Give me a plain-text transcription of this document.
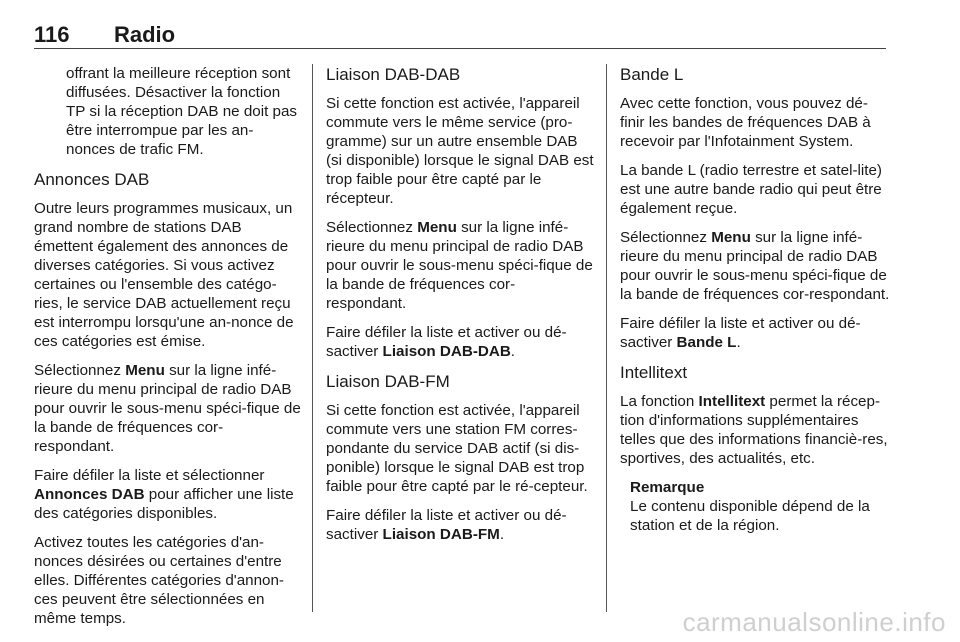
116 Radio

offrant la meilleure réception sont diffusées. Désactiver la fonction TP si la réception DAB ne doit pas être interrompue par les an-nonces de trafic FM.

Annonces DAB

Outre leurs programmes musicaux, un grand nombre de stations DAB émettent également des annonces de diverses catégories. Si vous activez certaines ou l'ensemble des catégo-ries, le service DAB actuellement reçu est interrompu lorsqu'une an-nonce de ces catégories est émise.

Sélectionnez Menu sur la ligne infé-rieure du menu principal de radio DAB pour ouvrir le sous-menu spéci-fique de la bande de fréquences cor-respondant.

Faire défiler la liste et sélectionner Annonces DAB pour afficher une liste des catégories disponibles.

Activez toutes les catégories d'an-nonces désirées ou certaines d'entre elles. Différentes catégories d'annon-ces peuvent être sélectionnées en même temps.

Liaison DAB-DAB

Si cette fonction est activée, l'appareil commute vers le même service (pro-gramme) sur un autre ensemble DAB (si disponible) lorsque le signal DAB est trop faible pour être capté par le récepteur.

Sélectionnez Menu sur la ligne infé-rieure du menu principal de radio DAB pour ouvrir le sous-menu spéci-fique de la bande de fréquences cor-respondant.

Faire défiler la liste et activer ou dé-sactiver Liaison DAB-DAB.

Liaison DAB-FM

Si cette fonction est activée, l'appareil commute vers une station FM corres-pondante du service DAB actif (si dis-ponible) lorsque le signal DAB est trop faible pour être capté par le ré-cepteur.

Faire défiler la liste et activer ou dé-sactiver Liaison DAB-FM.

Bande L

Avec cette fonction, vous pouvez dé-finir les bandes de fréquences DAB à recevoir par l'Infotainment System.

La bande L (radio terrestre et satel-lite) est une autre bande radio qui peut être également reçue.

Sélectionnez Menu sur la ligne infé-rieure du menu principal de radio DAB pour ouvrir le sous-menu spéci-fique de la bande de fréquences cor-respondant.

Faire défiler la liste et activer ou dé-sactiver Bande L.

Intellitext

La fonction Intellitext permet la récep-tion d'informations supplémentaires telles que des informations financiè-res, sportives, des actualités, etc.

Remarque
Le contenu disponible dépend de la station et de la région.
carmanualsonline.info
